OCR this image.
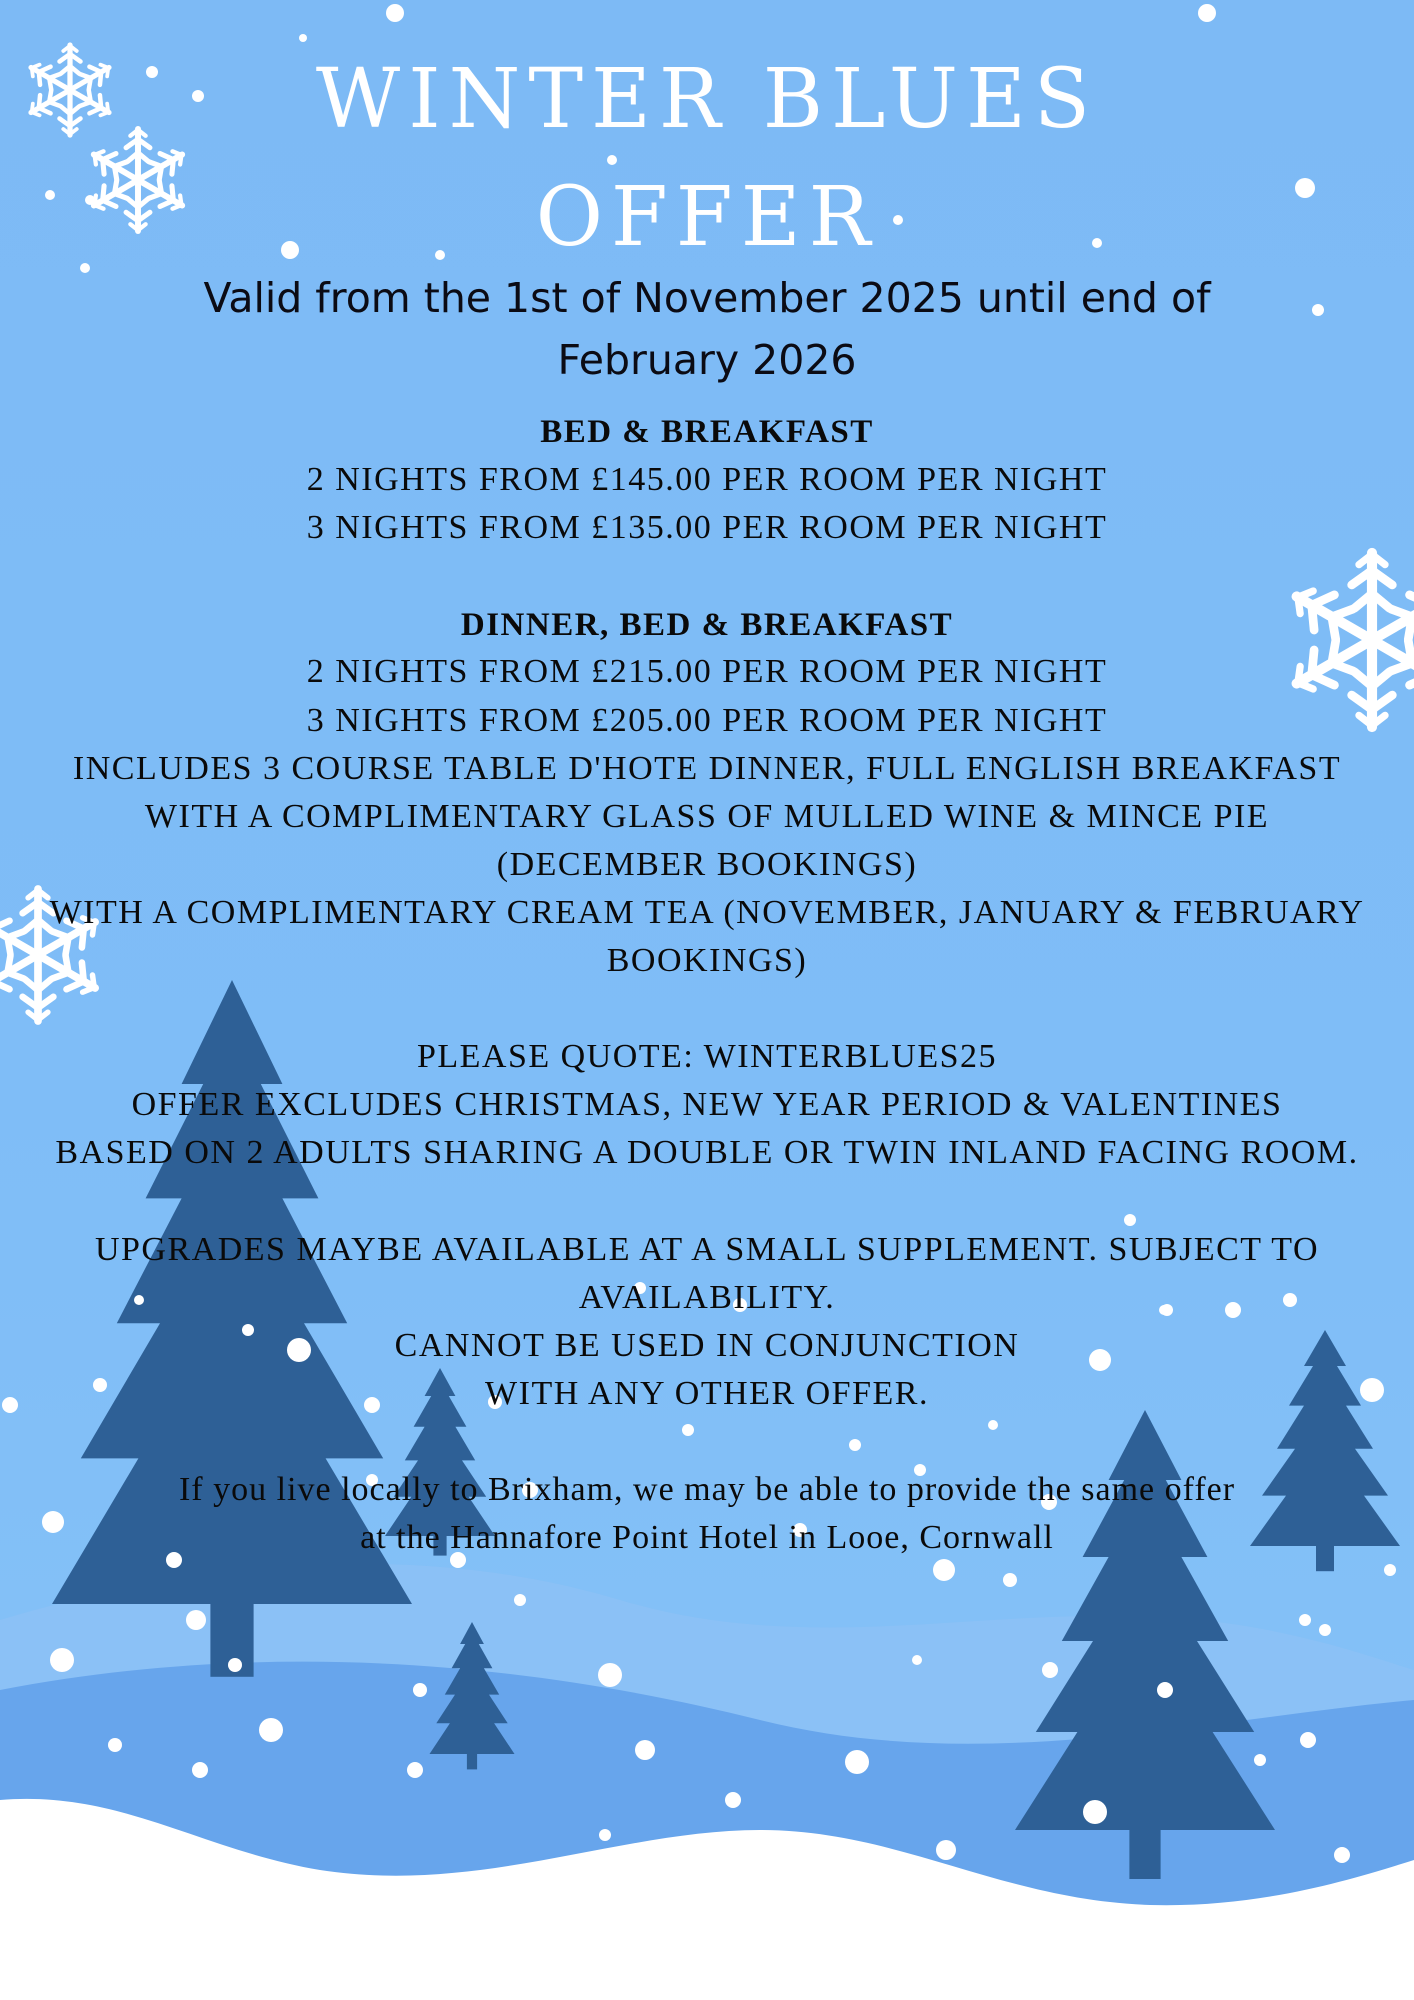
WINTER BLUES
OFFER
Valid from the 1st of November 2025 until end of
February 2026
BED & BREAKFAST
2 NIGHTS FROM £145.00 PER ROOM PER NIGHT
3 NIGHTS FROM £135.00 PER ROOM PER NIGHT
DINNER, BED & BREAKFAST
2 NIGHTS FROM £215.00 PER ROOM PER NIGHT
3 NIGHTS FROM £205.00 PER ROOM PER NIGHT
INCLUDES 3 COURSE TABLE D'HOTE DINNER, FULL ENGLISH BREAKFAST
WITH A COMPLIMENTARY GLASS OF MULLED WINE & MINCE PIE
(DECEMBER BOOKINGS)
WITH A COMPLIMENTARY CREAM TEA (NOVEMBER, JANUARY & FEBRUARY
BOOKINGS)
PLEASE QUOTE: WINTERBLUES25
OFFER EXCLUDES CHRISTMAS, NEW YEAR PERIOD & VALENTINES
BASED ON 2 ADULTS SHARING A DOUBLE OR TWIN INLAND FACING ROOM.
UPGRADES MAYBE AVAILABLE AT A SMALL SUPPLEMENT. SUBJECT TO
AVAILABILITY.
CANNOT BE USED IN CONJUNCTION
WITH ANY OTHER OFFER.
If you live locally to Brixham, we may be able to provide the same offer
at the Hannafore Point Hotel in Looe, Cornwall
